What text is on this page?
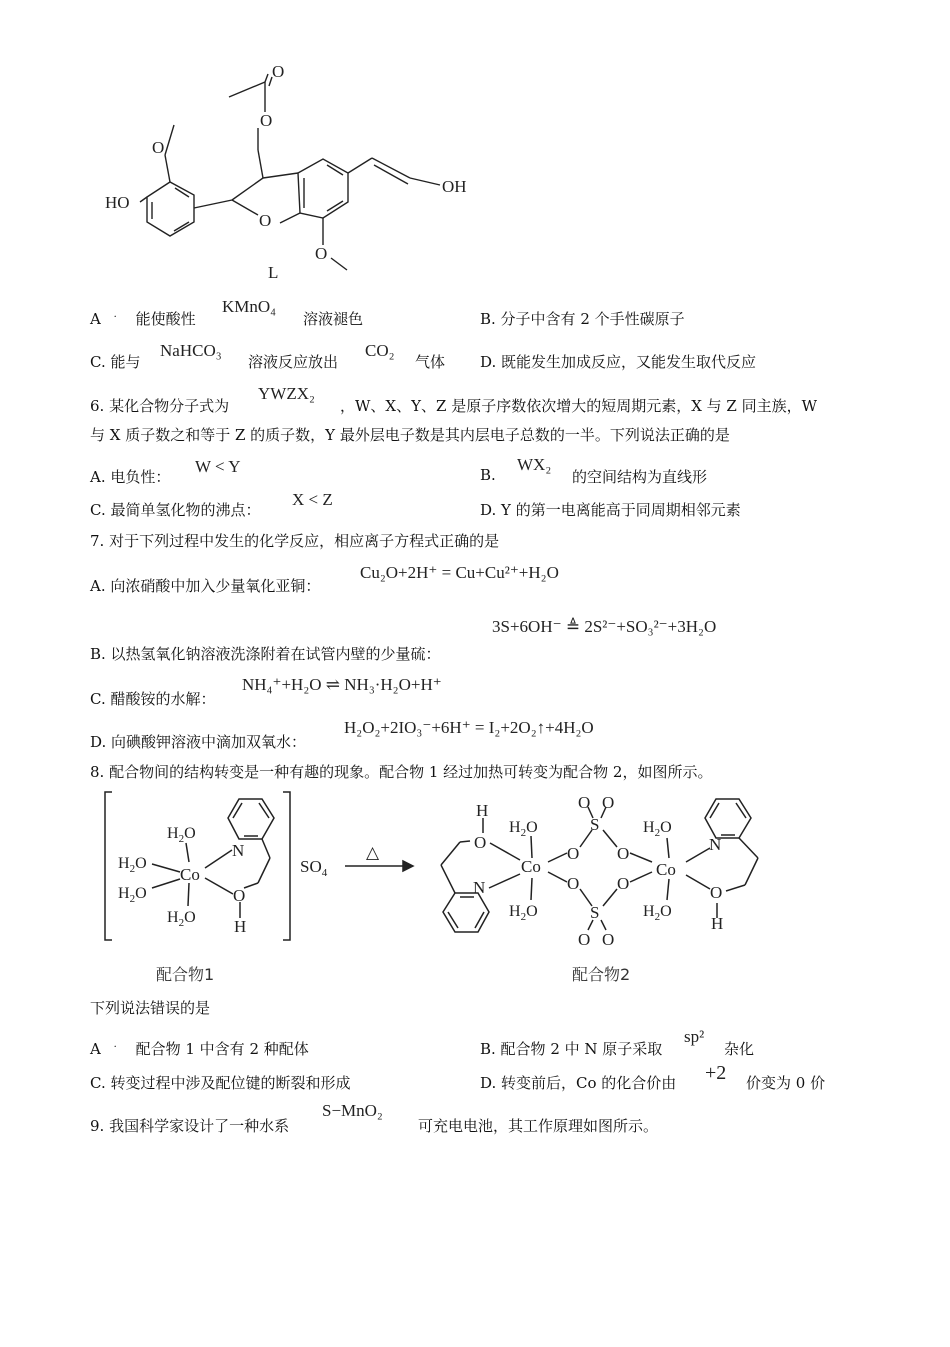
O
O
O
HO
O
O
OH
L
A · 能使酸性
KMnO₄
溶液褪色	B. 分子中含有 2 个手性碳原子
C. 能与
NaHCO₃
溶液反应放出
CO₂
气体 D. 既能发生加成反应，又能发生取代反应
6. 某化合物分子式为
YWZX₂
，W、X、Y、Z 是原子序数依次增大的短周期元素，X 与 Z 同主族，W
与 X 质子数之和等于 Z 的质子数，Y 最外层电子数是其内层电子总数的一半。下列说法正确的是
A. 电负性：
W < Y	B.
WX₂
的空间结构为直线形
C. 最简单氢化物的沸点：
X < Z
D. Y 的第一电离能高于同周期相邻元素
7. 对于下列过程中发生的化学反应，相应离子方程式正确的是
A. 向浓硝酸中加入少量氧化亚铜：
Cu₂O+2H⁺ = Cu+Cu²⁺+H₂O
3S+6OH⁻ ≜ 2S²⁻+SO₃²⁻+3H₂O
B. 以热氢氧化钠溶液洗涤附着在试管内壁的少量硫：
C. 醋酸铵的水解：
NH₄⁺+H₂O ⇌ NH₃·H₂O+H⁺
D. 向碘酸钾溶液中滴加双氧水：
H₂O₂+2IO₃⁻+6H⁺ = I₂+2O₂↑+4H₂O
8. 配合物间的结构转变是一种有趣的现象。配合物 1 经过加热可转变为配合物 2，如图所示。
$H_2O$
$H_2O$
$H_2O$
$H_2O$
Co
N
O
H
$SO_4$
△
H
O
N
$H_2O$
Co
$H_2O$
O
O
S
S
O O
O O
O
O
$H_2O$
Co
$H_2O$
N
O
H
配合物1	配合物2
下列说法错误的是
A · 配合物 1 中含有 2 种配体	B. 配合物 2 中 N 原子采取
sp²
杂化
C. 转变过程中涉及配位键的断裂和形成	D. 转变前后，Co 的化合价由 +2 价变为 0 价
9. 我国科学家设计了一种水系
S−MnO₂
可充电电池，其工作原理如图所示。
